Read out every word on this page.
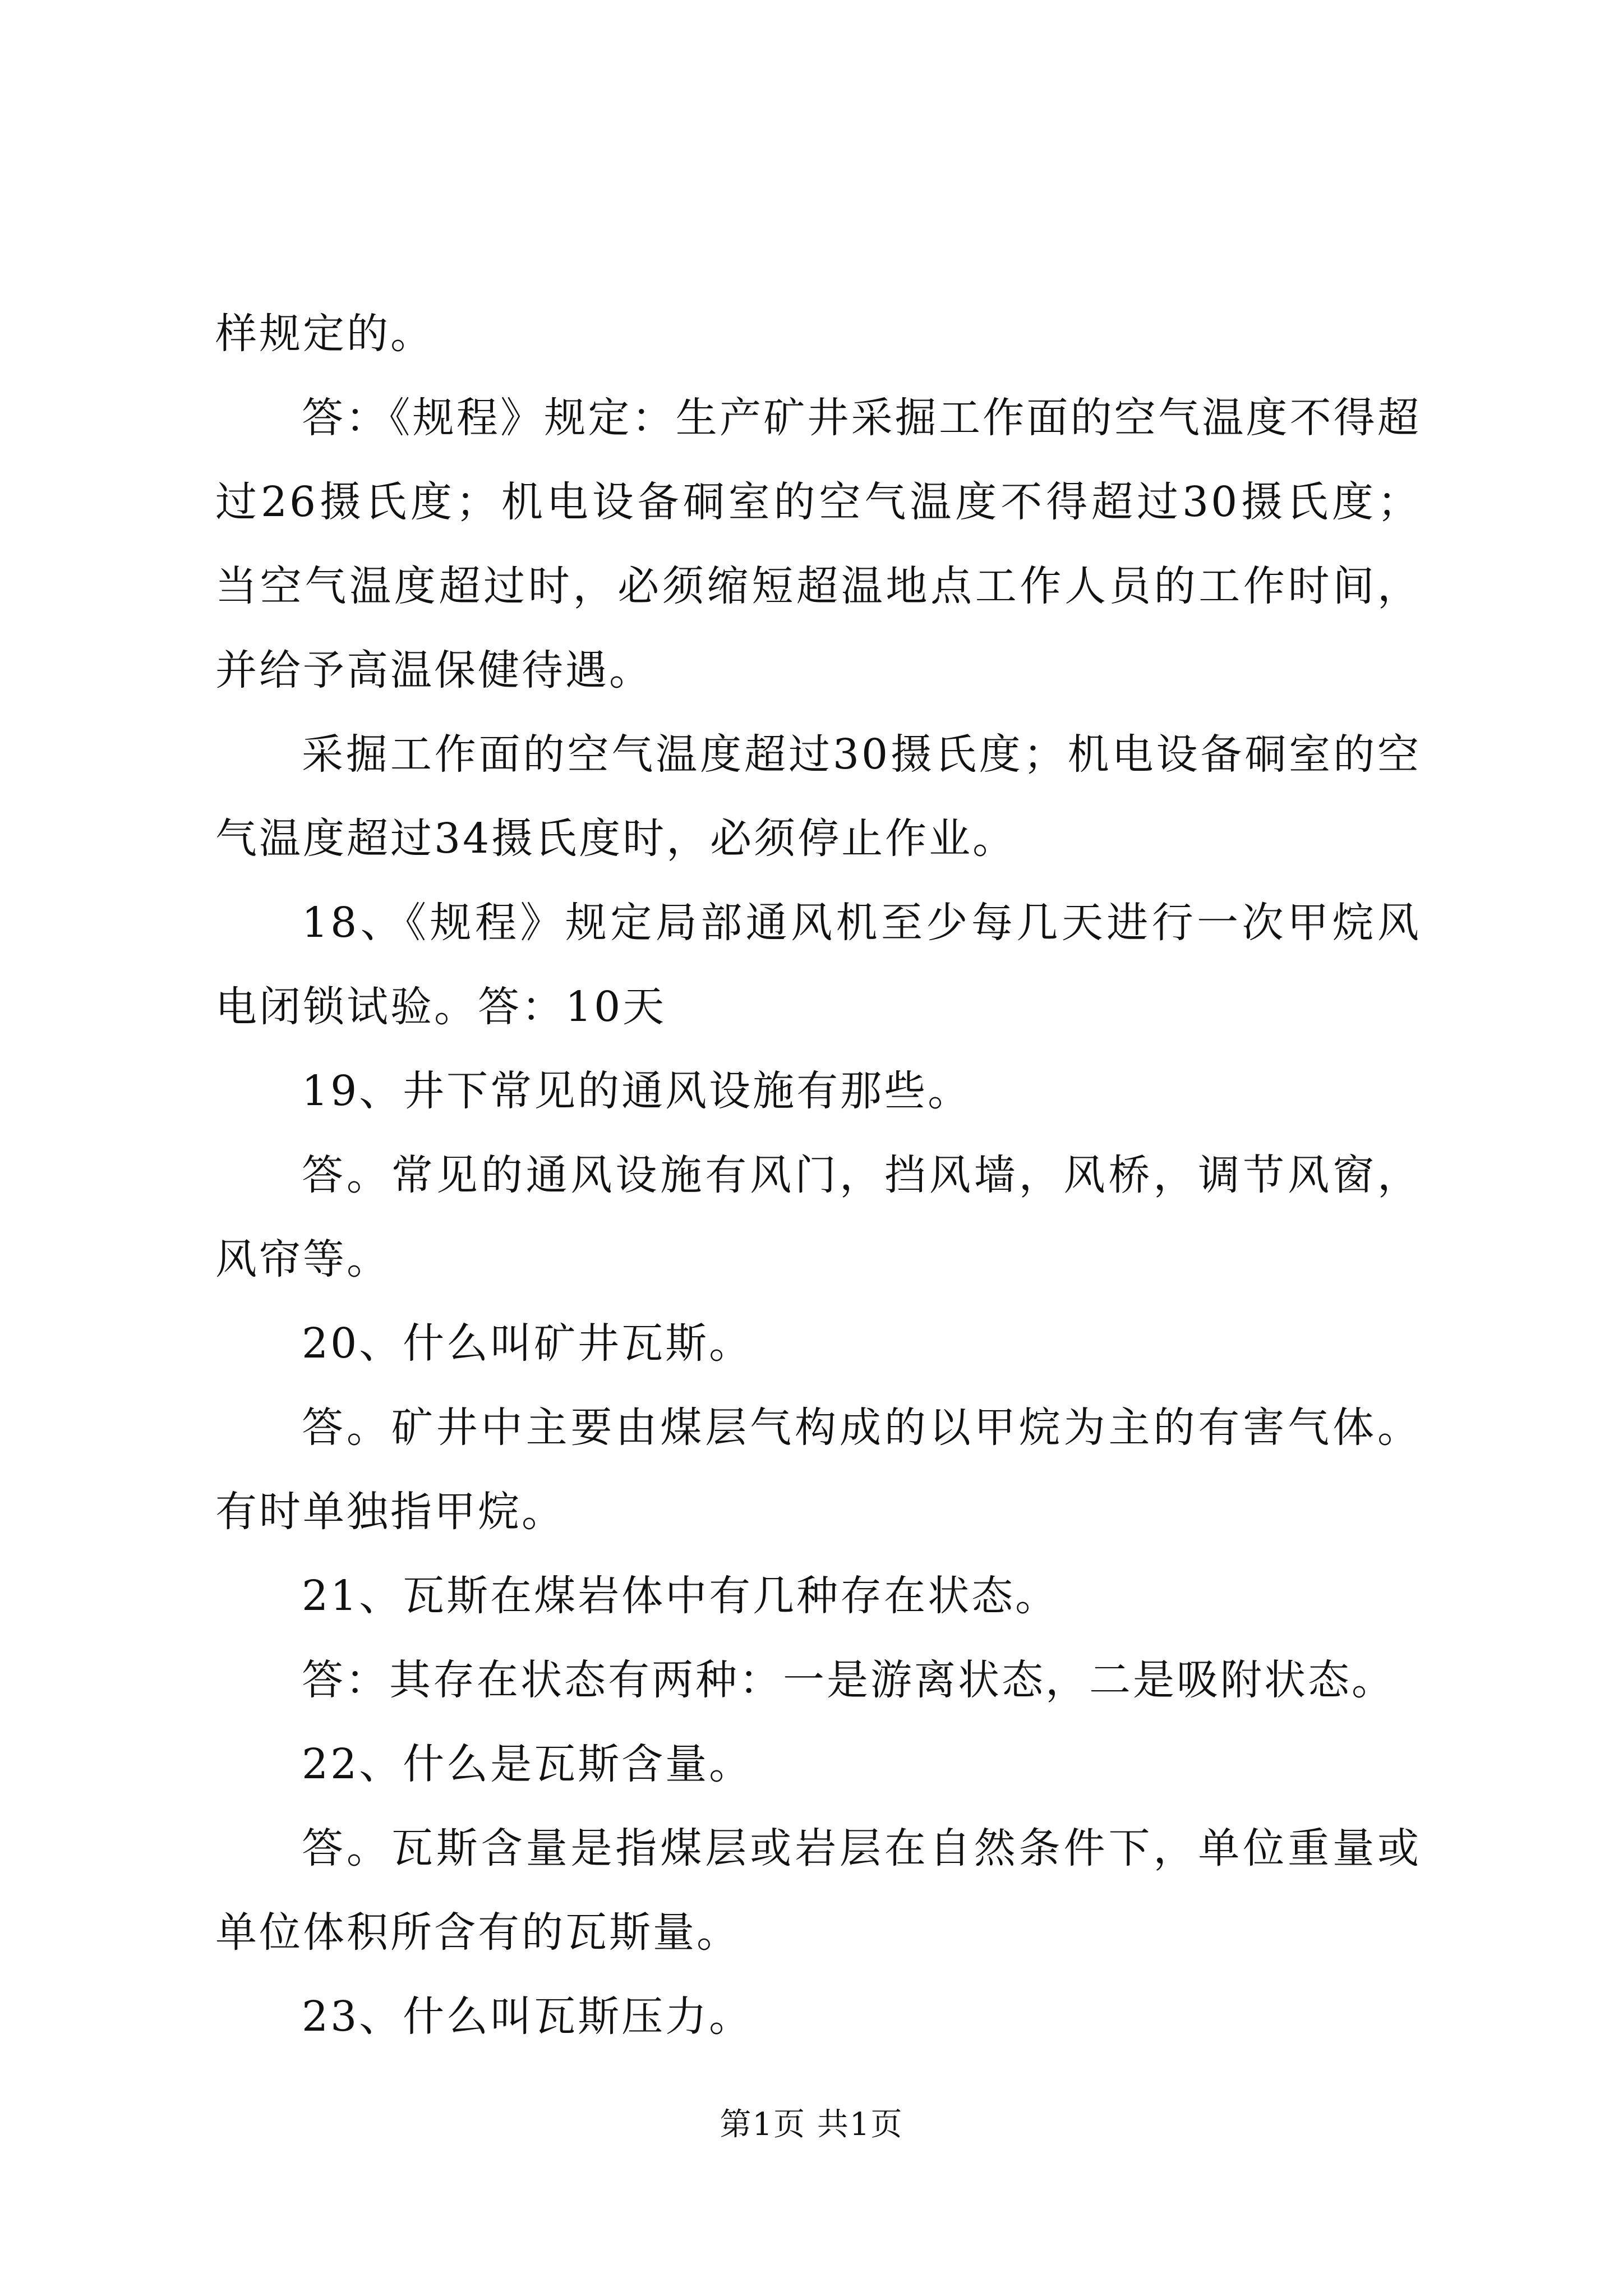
样规定的。

答：《规程》规定：生产矿井采掘工作面的空气温度不得超过26摄氏度；机电设备硐室的空气温度不得超过30摄氏度；当空气温度超过时，必须缩短超温地点工作人员的工作时间，并给予高温保健待遇。

采掘工作面的空气温度超过30摄氏度；机电设备硐室的空气温度超过34摄氏度时，必须停止作业。

18、《规程》规定局部通风机至少每几天进行一次甲烷风电闭锁试验。答：10天

19、井下常见的通风设施有那些。

答。常见的通风设施有风门，挡风墙，风桥，调节风窗，风帘等。

20、什么叫矿井瓦斯。

答。矿井中主要由煤层气构成的以甲烷为主的有害气体。有时单独指甲烷。

21、瓦斯在煤岩体中有几种存在状态。

答：其存在状态有两种：一是游离状态，二是吸附状态。

22、什么是瓦斯含量。

答。瓦斯含量是指煤层或岩层在自然条件下，单位重量或单位体积所含有的瓦斯量。

23、什么叫瓦斯压力。

第1页 共1页
